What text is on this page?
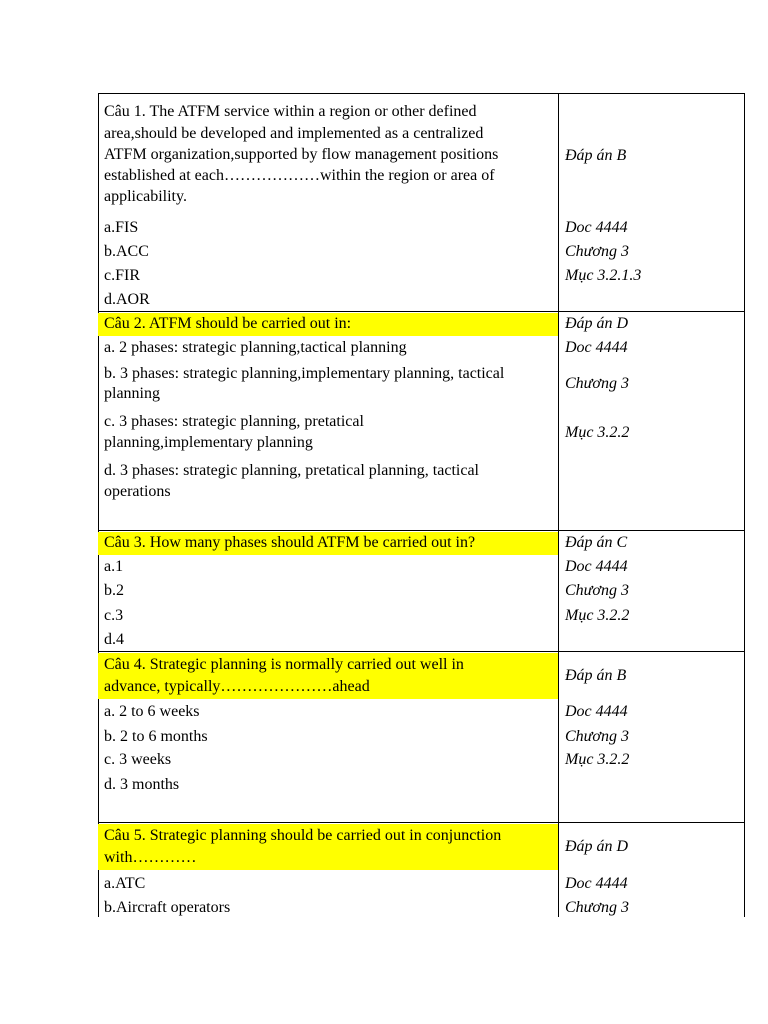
Câu 1. The ATFM service within a region or other defined
area,should be developed and implemented as a centralized
ATFM organization,supported by flow management positions
established at each………………within the region or area of
applicability.
a.FIS
b.ACC
c.FIR
d.AOR
Đáp án B
Doc 4444
Chương 3
Mục 3.2.1.3
Câu 2. ATFM should be carried out in:
a. 2 phases: strategic planning,tactical planning
b. 3 phases: strategic planning,implementary planning, tactical
planning
c. 3 phases: strategic planning, pretatical
planning,implementary planning
d. 3 phases: strategic planning, pretatical planning, tactical
operations
Đáp án D
Doc 4444
Chương 3
Mục 3.2.2
Câu 3. How many phases should ATFM be carried out in?
a.1
b.2
c.3
d.4
Đáp án C
Doc 4444
Chương 3
Mục 3.2.2
Câu 4. Strategic planning is normally carried out well in
advance, typically…………………ahead
a. 2 to 6 weeks
b. 2 to 6 months
c. 3 weeks
d. 3 months
Đáp án B
Doc 4444
Chương 3
Mục 3.2.2
Câu 5. Strategic planning should be carried out in conjunction
with…………
a.ATC
b.Aircraft operators
Đáp án D
Doc 4444
Chương 3
